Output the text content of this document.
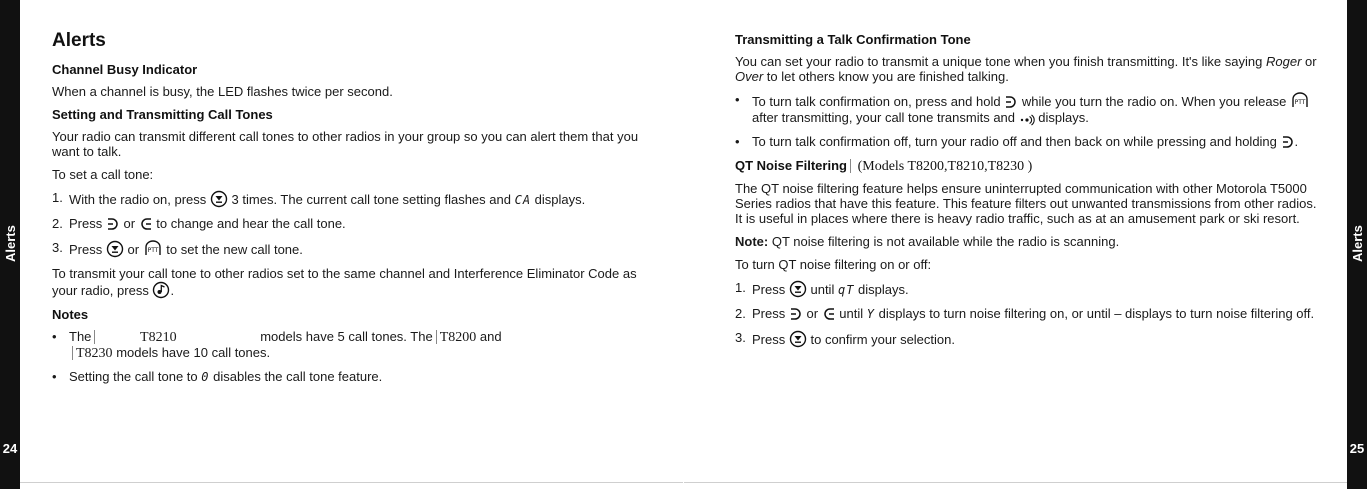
Alerts
24
Alerts
25
Alerts
Channel Busy Indicator

When a channel is busy, the LED flashes twice per second.

Setting and Transmitting Call Tones

Your radio can transmit different call tones to other radios in your group so you can alert them that you want to talk.

To set a call tone:

1. With the radio on, press 3 times. The current call tone setting flashes and CA displays.
2. Press or to change and hear the call tone.
3. Press or PTT to set the new call tone.

To transmit your call tone to other radios set to the same channel and Interference Eliminator Code as your radio, press .

Notes
• The	T8210	models have 5 call tones. The T8200 and
T8230 models have 10 call tones.
• Setting the call tone to 0 disables the call tone feature.
Transmitting a Talk Confirmation Tone

You can set your radio to transmit a unique tone when you finish transmitting. It's like saying Roger or Over to let others know you are finished talking.

• To turn talk confirmation on, press and hold while you turn the radio on. When you release PTT
after transmitting, your call tone transmits and displays.
• To turn talk confirmation off, turn your radio off and then back on while pressing and holding .
QT Noise Filtering (Models T8200,T8210,T8230 )

The QT noise filtering feature helps ensure uninterrupted communication with other Motorola T5000 Series radios that have this feature. This feature filters out unwanted transmissions from other radios. It is useful in places where there is heavy radio traffic, such as at an amusement park or ski resort.

Note: QT noise filtering is not available while the radio is scanning.

To turn QT noise filtering on or off:

1. Press until qT displays.
2. Press or until Y displays to turn noise filtering on, or until – displays to turn noise filtering off.
3. Press to confirm your selection.
